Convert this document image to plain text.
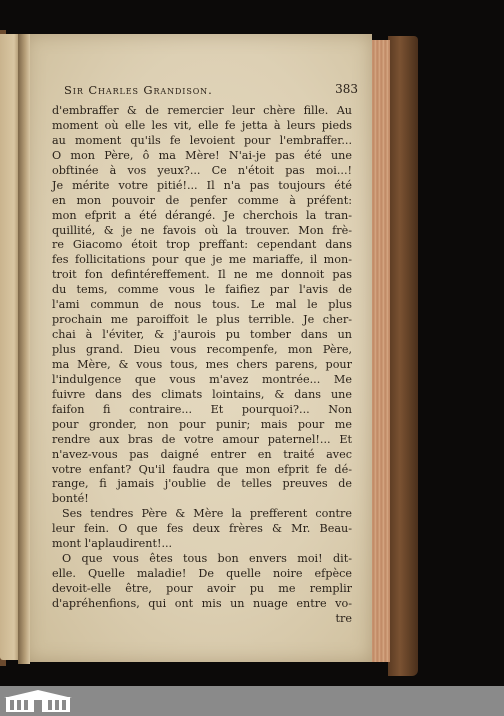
Sir Charles Grandison.	383
d'embraffer & de remercier leur chère fille. Au
moment où elle les vit, elle fe jetta à leurs pieds
au moment qu'ils fe levoient pour l'embraffer...
O mon Père, ô ma Mère! N'ai-je pas été une
obftinée à vos yeux?... Ce n'étoit pas moi...!
Je mérite votre pitié!... Il n'a pas toujours été
en mon pouvoir de penfer comme à préfent:
mon efprit a été dérangé. Je cherchois la tran-
quillité, & je ne favois où la trouver. Mon frè-
re Giacomo étoit trop preffant: cependant dans
fes follicitations pour que je me mariaffe, il mon-
troit fon defintéreffement. Il ne me donnoit pas
du tems, comme vous le faifiez par l'avis de
l'ami commun de nous tous. Le mal le plus
prochain me paroiffoit le plus terrible. Je cher-
chai à l'éviter, & j'aurois pu tomber dans un
plus grand. Dieu vous recompenfe, mon Père,
ma Mère, & vous tous, mes chers parens, pour
l'indulgence que vous m'avez montrée... Me
fuivre dans des climats lointains, & dans une
faifon fi contraire... Et pourquoi?... Non
pour gronder, non pour punir; mais pour me
rendre aux bras de votre amour paternel!... Et
n'avez-vous pas daigné entrer en traité avec
votre enfant? Qu'il faudra que mon efprit fe dé-
range, fi jamais j'oublie de telles preuves de
bonté!
Ses tendres Père & Mère la prefferent contre
leur fein. O que fes deux frères & Mr. Beau-
mont l'aplaudirent!...
O que vous êtes tous bon envers moi! dit-
elle. Quelle maladie! De quelle noire efpèce
devoit-elle être, pour avoir pu me remplir
d'apréhenfions, qui ont mis un nuage entre vo-
tre
